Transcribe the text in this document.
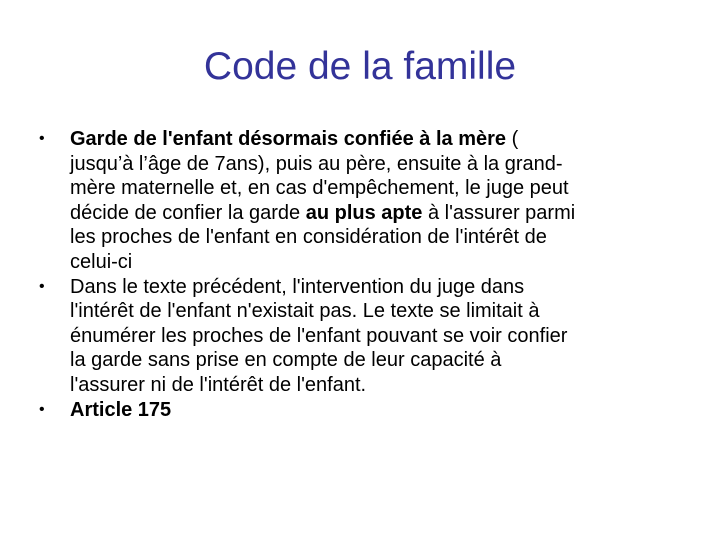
Code de la famille
•	Garde de l'enfant désormais confiée à la mère (
jusqu’à l’âge de 7ans), puis au père, ensuite à la grand-
mère maternelle et, en cas d'empêchement, le juge peut
décide de confier la garde au plus apte à l'assurer parmi
les proches de l'enfant en considération de l'intérêt de
celui-ci
•	Dans le texte précédent, l'intervention du juge dans
l'intérêt de l'enfant n'existait pas. Le texte se limitait à
énumérer les proches de l'enfant pouvant se voir confier
la garde sans prise en compte de leur capacité à
l'assurer ni de l'intérêt de l'enfant.
•	Article 175
